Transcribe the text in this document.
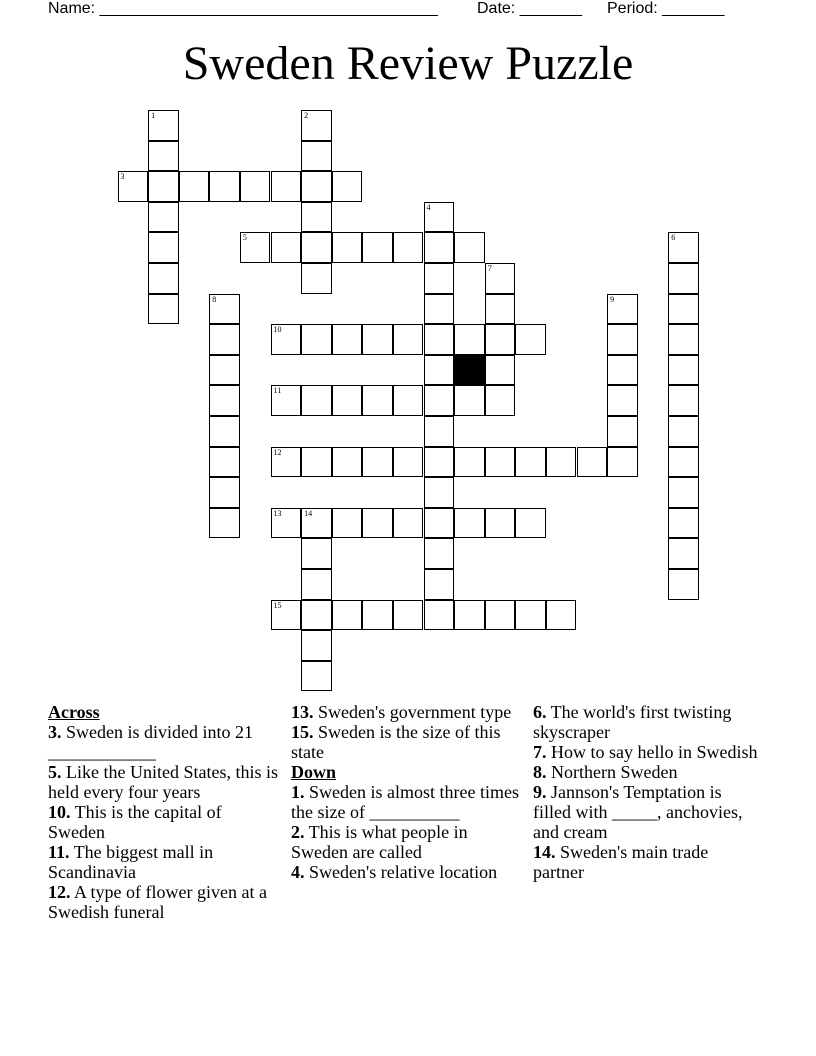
Name: ______________________________________ Date: _______ Period: _______
Sweden Review Puzzle
1	2
3
4
5	6
7
8	9
10
11
12
13	14
15
Across
3. Sweden is divided into 21 ____________
5. Like the United States, this is held every four years
10. This is the capital of Sweden
11. The biggest mall in Scandinavia
12. A type of flower given at a Swedish funeral
13. Sweden's government type
15. Sweden is the size of this state
Down
1. Sweden is almost three times the size of __________
2. This is what people in Sweden are called
4. Sweden's relative location
6. The world's first twisting skyscraper
7. How to say hello in Swedish
8. Northern Sweden
9. Jannson's Temptation is filled with _____, anchovies, and cream
14. Sweden's main trade partner
